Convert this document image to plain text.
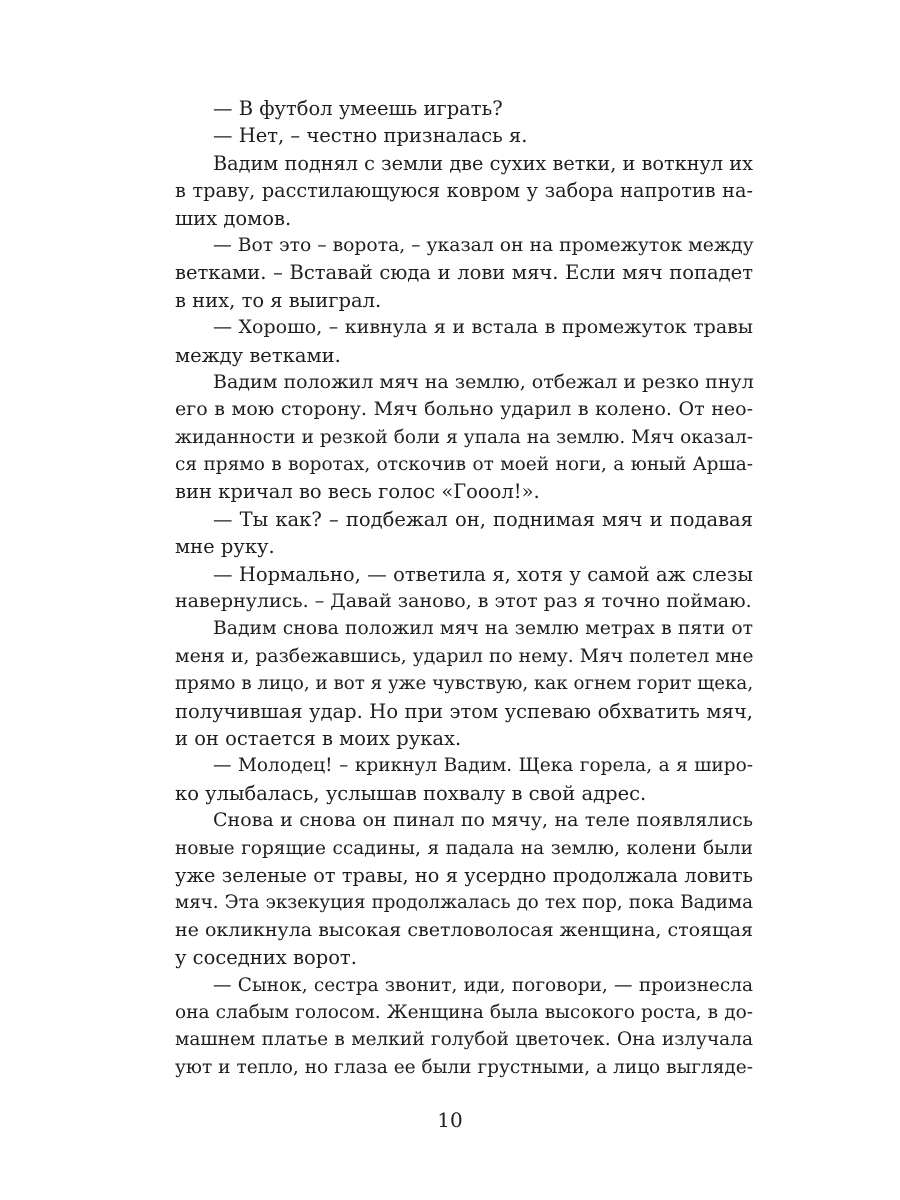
— В футбол умеешь играть?
— Нет, – честно призналась я.
Вадим поднял с земли две сухих ветки, и воткнул их
в траву, расстилающуюся ковром у забора напротив на-
ших домов.
— Вот это – ворота, – указал он на промежуток между
ветками. – Вставай сюда и лови мяч. Если мяч попадет
в них, то я выиграл.
— Хорошо, – кивнула я и встала в промежуток травы
между ветками.
Вадим положил мяч на землю, отбежал и резко пнул
его в мою сторону. Мяч больно ударил в колено. От нео-
жиданности и резкой боли я упала на землю. Мяч оказал-
ся прямо в воротах, отскочив от моей ноги, а юный Арша-
вин кричал во весь голос «Гооол!».
— Ты как? – подбежал он, поднимая мяч и подавая
мне руку.
— Нормально, — ответила я, хотя у самой аж слезы
навернулись. – Давай заново, в этот раз я точно поймаю.
Вадим снова положил мяч на землю метрах в пяти от
меня и, разбежавшись, ударил по нему. Мяч полетел мне
прямо в лицо, и вот я уже чувствую, как огнем горит щека,
получившая удар. Но при этом успеваю обхватить мяч,
и он остается в моих руках.
— Молодец! – крикнул Вадим. Щека горела, а я широ-
ко улыбалась, услышав похвалу в свой адрес.
Снова и снова он пинал по мячу, на теле появлялись
новые горящие ссадины, я падала на землю, колени были
уже зеленые от травы, но я усердно продолжала ловить
мяч. Эта экзекуция продолжалась до тех пор, пока Вадима
не окликнула высокая светловолосая женщина, стоящая
у соседних ворот.
— Сынок, сестра звонит, иди, поговори, — произнесла
она слабым голосом. Женщина была высокого роста, в до-
машнем платье в мелкий голубой цветочек. Она излучала
уют и тепло, но глаза ее были грустными, а лицо выгляде-
10
